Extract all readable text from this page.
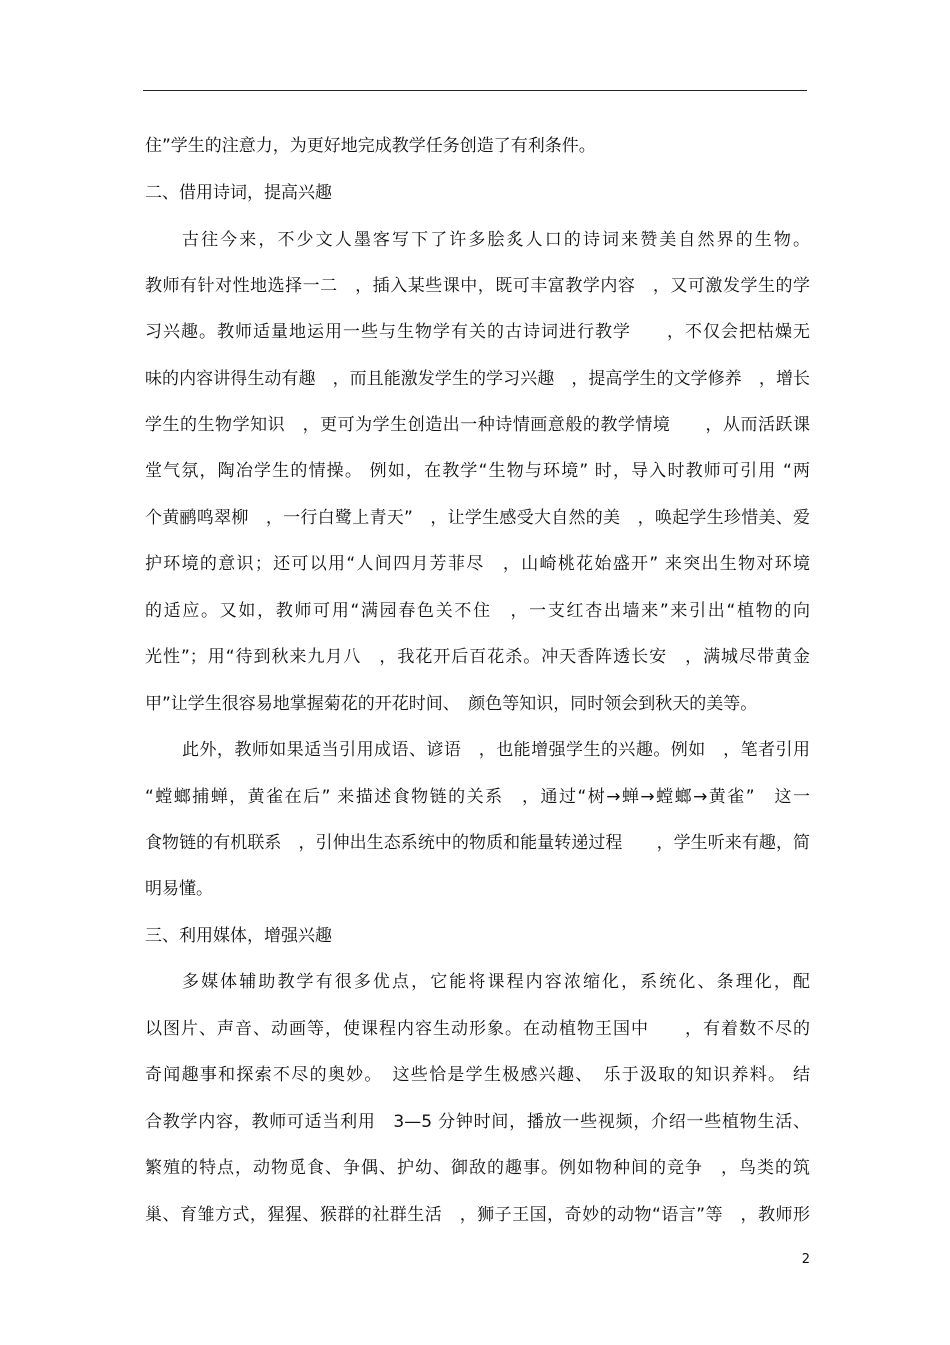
住”学生的注意力，为更好地完成教学任务创造了有利条件。
二、借用诗词，提高兴趣
古往今来，不少文人墨客写下了许多脍炙人口的诗词来赞美自然界的生物。
教师有针对性地选择一二　，插入某些课中，既可丰富教学内容　，又可激发学生的学
习兴趣。教师适量地运用一些与生物学有关的古诗词进行教学　　，不仅会把枯燥无
味的内容讲得生动有趣　，而且能激发学生的学习兴趣　，提高学生的文学修养　，增长
学生的生物学知识　，更可为学生创造出一种诗情画意般的教学情境　　，从而活跃课
堂气氛，陶冶学生的情操。 例如，在教学“生物与环境” 时，导入时教师可引用 “两
个黄鹂鸣翠柳　，一行白鹭上青天”　，让学生感受大自然的美　，唤起学生珍惜美、爱
护环境的意识；还可以用“人间四月芳菲尽　，山崎桃花始盛开” 来突出生物对环境
的适应。又如，教师可用“满园春色关不住　，一支红杏出墙来”来引出“植物的向
光性”；用“待到秋来九月八　，我花开后百花杀。冲天香阵透长安　，满城尽带黄金
甲”让学生很容易地掌握菊花的开花时间、　颜色等知识，同时领会到秋天的美等。
此外，教师如果适当引用成语、谚语　，也能增强学生的兴趣。例如　，笔者引用
“螳螂捕蝉，黄雀在后” 来描述食物链的关系　，通过“树→蝉→螳螂→黄雀”　这一
食物链的有机联系　，引伸出生态系统中的物质和能量转递过程　　，学生听来有趣，简
明易懂。
三、利用媒体，增强兴趣
多媒体辅助教学有很多优点，它能将课程内容浓缩化，系统化、条理化，配
以图片、声音、动画等，使课程内容生动形象。在动植物王国中　　，有着数不尽的
奇闻趣事和探索不尽的奥妙。　这些恰是学生极感兴趣、　乐于汲取的知识养料。 结
合教学内容，教师可适当利用　3—5 分钟时间，播放一些视频，介绍一些植物生活、
繁殖的特点，动物觅食、争偶、护幼、御敌的趣事。例如物种间的竞争　，鸟类的筑
巢、育雏方式，猩猩、猴群的社群生活　，狮子王国，奇妙的动物“语言”等　，教师形
2
